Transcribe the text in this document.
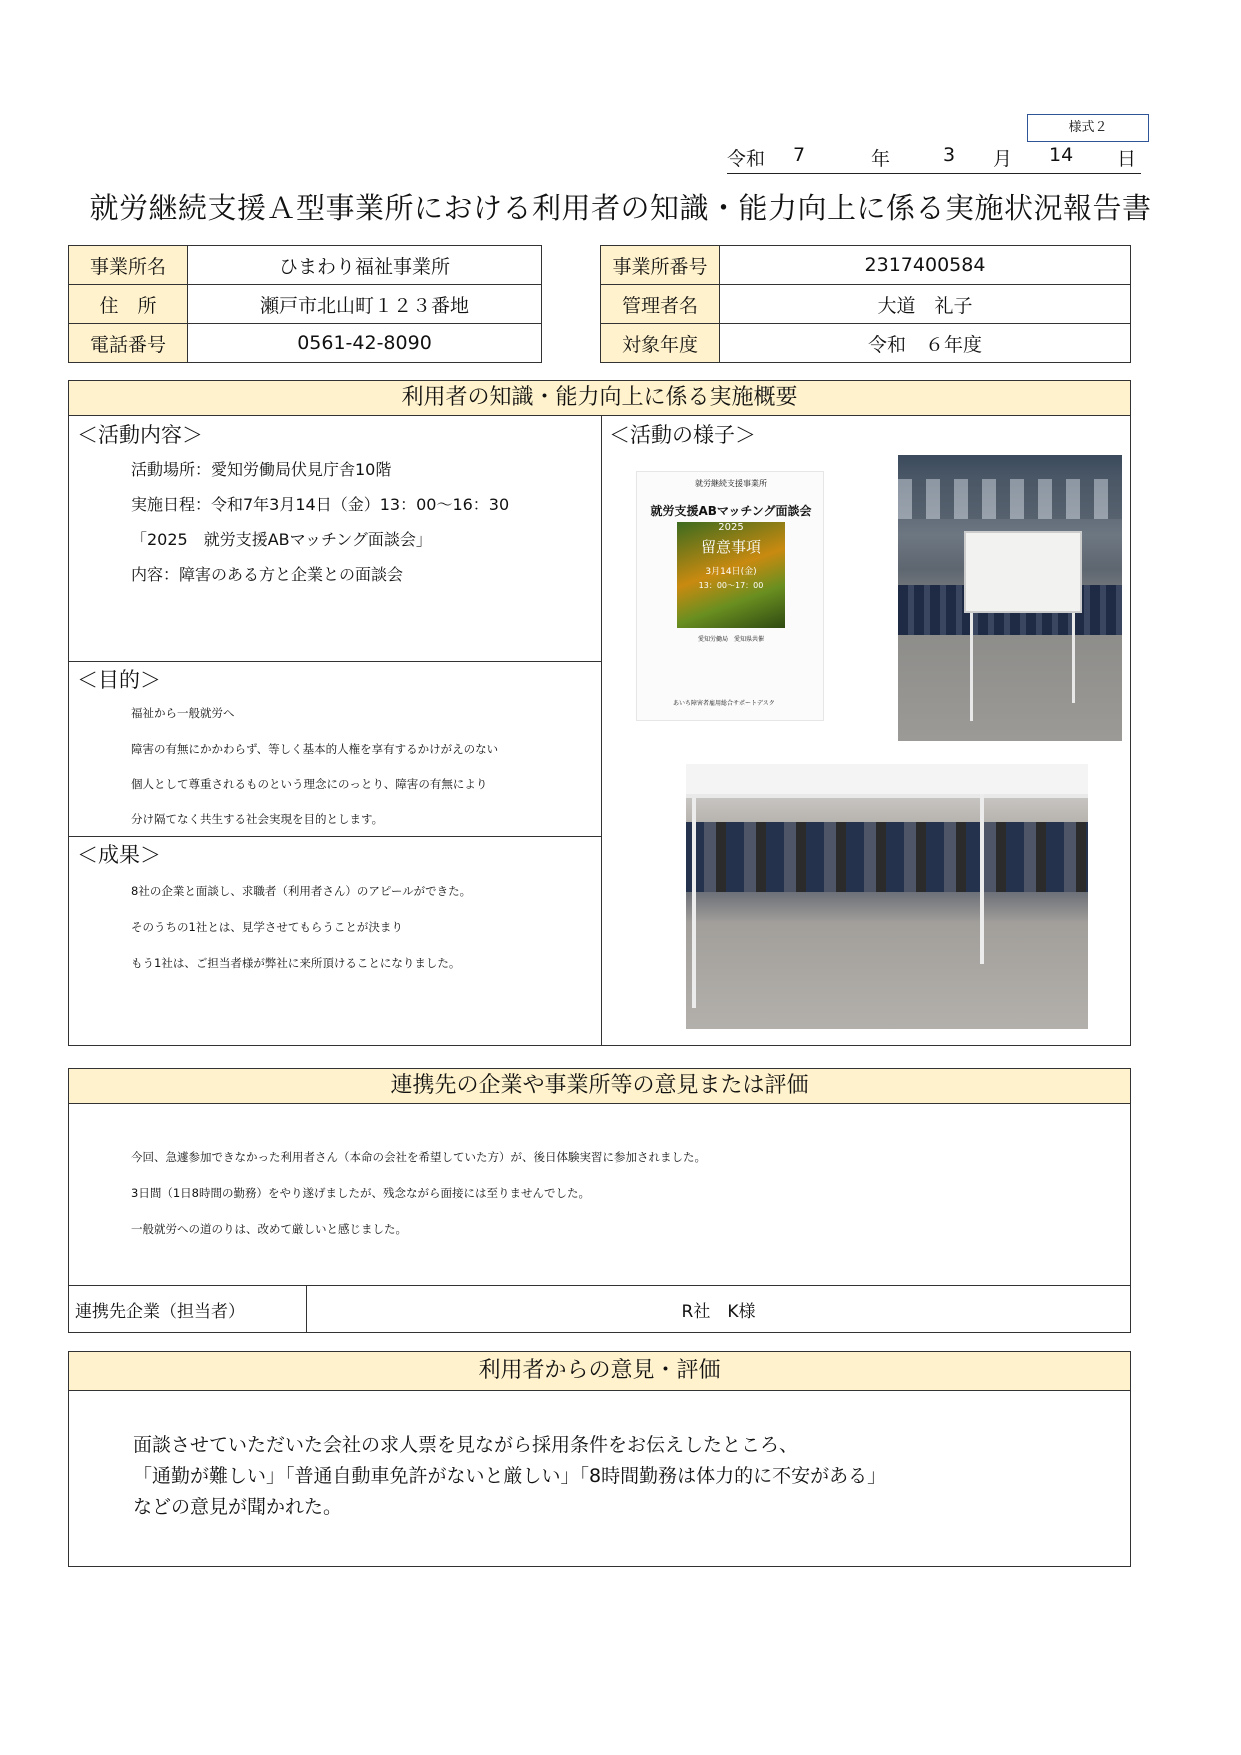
様式２
令和 7	年	3 月 14 日
就労継続支援Ａ型事業所における利用者の知識・能力向上に係る実施状況報告書
事業所名	ひまわり福祉事業所
住　所	瀬戸市北山町１２３番地
電話番号	0561-42-8090
事業所番号	2317400584
管理者名	大道　礼子
対象年度	令和　６年度
利用者の知識・能力向上に係る実施概要
＜活動内容＞
活動場所：愛知労働局伏見庁舎10階
実施日程：令和7年3月14日（金）13：00～16：30
「2025　就労支援ABマッチング面談会」
内容：障害のある方と企業との面談会
＜目的＞
福祉から一般就労へ
障害の有無にかかわらず、等しく基本的人権を享有するかけがえのない
個人として尊重されるものという理念にのっとり、障害の有無により
分け隔てなく共生する社会実現を目的とします。
＜成果＞
8社の企業と面談し、求職者（利用者さん）のアピールができた。
そのうちの1社とは、見学させてもらうことが決まり
もう1社は、ご担当者様が弊社に来所頂けることになりました。
＜活動の様子＞
就労継続支援事業所
就労支援ABマッチング面談会
2025
留意事項
3月14日(金)
13：00～17：00
愛知労働局　愛知県共催
あいち障害者雇用総合サポートデスク
連携先の企業や事業所等の意見または評価
今回、急遽参加できなかった利用者さん（本命の会社を希望していた方）が、後日体験実習に参加されました。
3日間（1日8時間の勤務）をやり遂げましたが、残念ながら面接には至りませんでした。
一般就労への道のりは、改めて厳しいと感じました。
連携先企業（担当者）	R社　K様
利用者からの意見・評価
面談させていただいた会社の求人票を見ながら採用条件をお伝えしたところ、
「通勤が難しい」「普通自動車免許がないと厳しい」「8時間勤務は体力的に不安がある」
などの意見が聞かれた。
